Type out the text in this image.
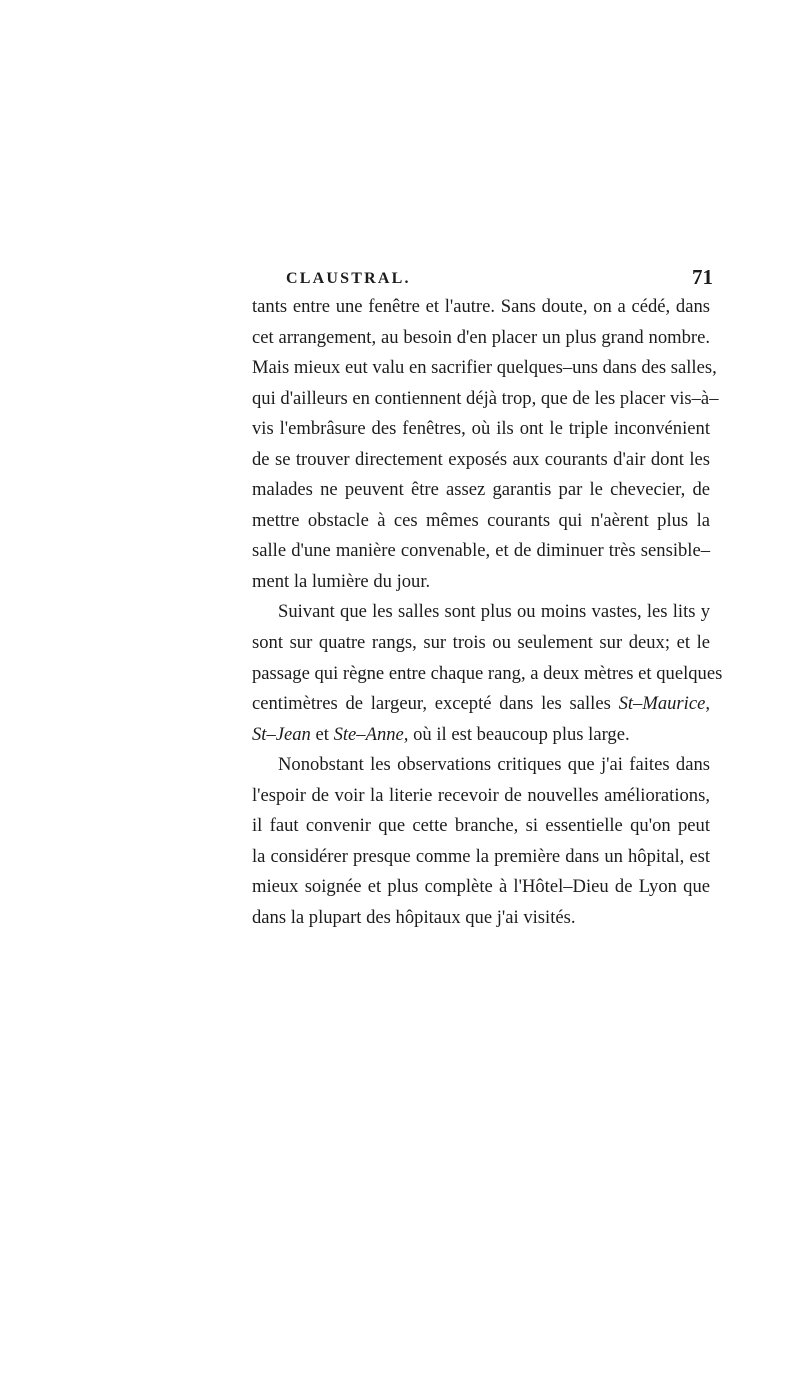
CLAUSTRAL.	71

tants entre une fenêtre et l'autre. Sans doute, on a cédé, dans
cet arrangement, au besoin d'en placer un plus grand nombre.
Mais mieux eut valu en sacrifier quelques–uns dans des salles,
qui d'ailleurs en contiennent déjà trop, que de les placer vis–à–
vis l'embrâsure des fenêtres, où ils ont le triple inconvénient
de se trouver directement exposés aux courants d'air dont les
malades ne peuvent être assez garantis par le chevecier, de
mettre obstacle à ces mêmes courants qui n'aèrent plus la
salle d'une manière convenable, et de diminuer très sensible–
ment la lumière du jour.

Suivant que les salles sont plus ou moins vastes, les lits y
sont sur quatre rangs, sur trois ou seulement sur deux; et le
passage qui règne entre chaque rang, a deux mètres et quelques
centimètres de largeur, excepté dans les salles St–Maurice,
St–Jean et Ste–Anne, où il est beaucoup plus large.

Nonobstant les observations critiques que j'ai faites dans
l'espoir de voir la literie recevoir de nouvelles améliorations,
il faut convenir que cette branche, si essentielle qu'on peut
la considérer presque comme la première dans un hôpital, est
mieux soignée et plus complète à l'Hôtel–Dieu de Lyon que
dans la plupart des hôpitaux que j'ai visités.
